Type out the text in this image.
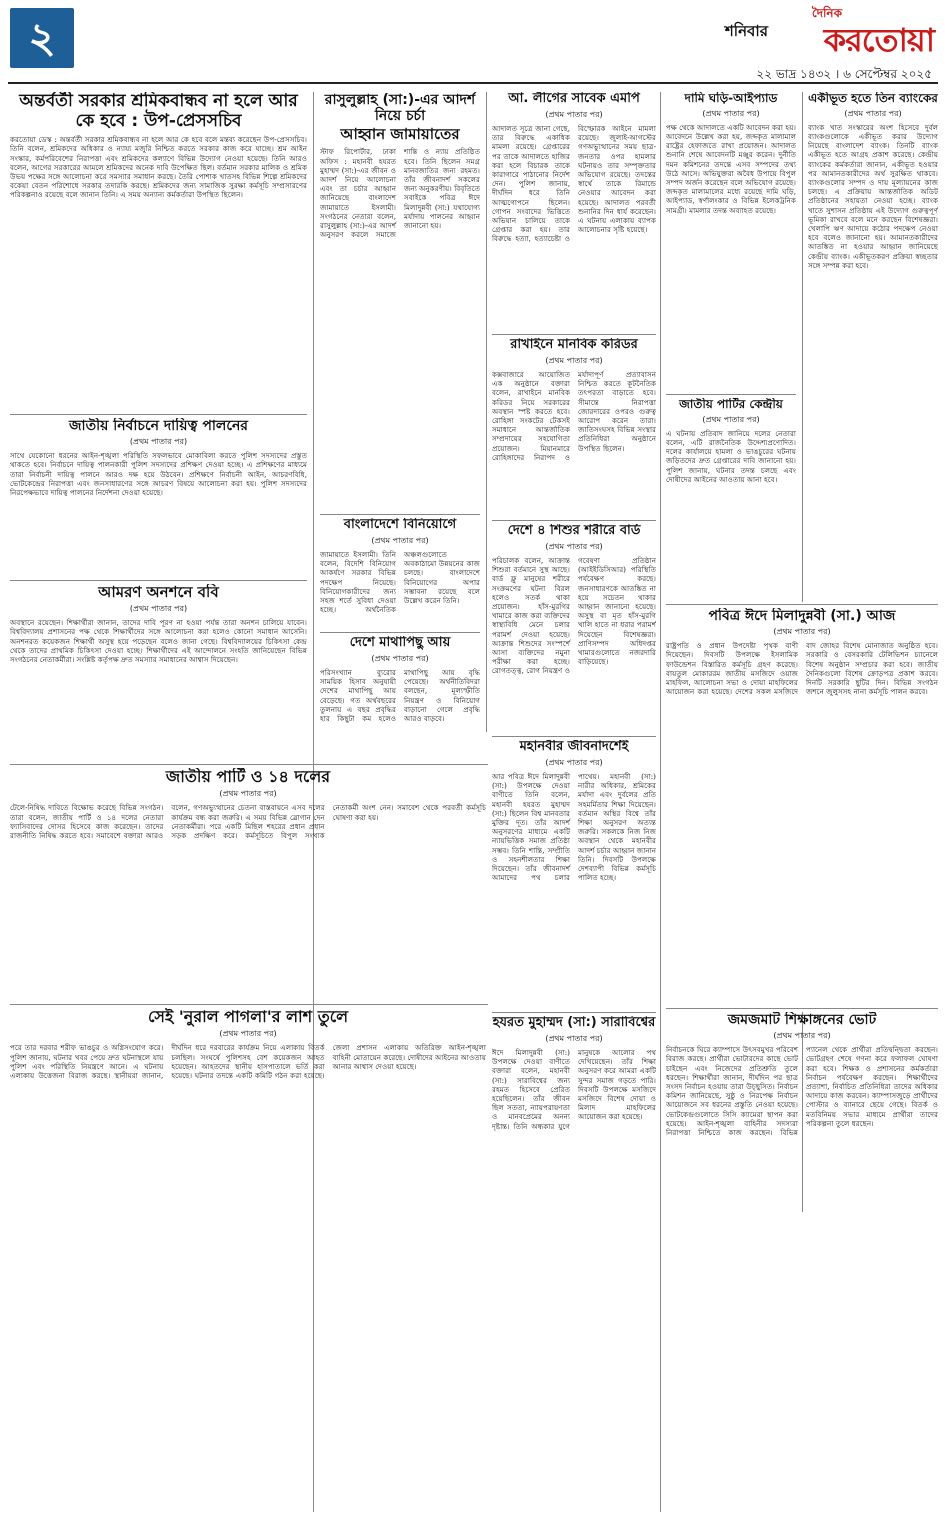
২	শনিবার
দৈনিক
করতোয়া
২২ ভাদ্র ১৪৩২ । ৬ সেপ্টেম্বর ২০২৫
অন্তর্বর্তী সরকার শ্রমিকবান্ধব না হলে আর কে হবে : উপ-প্রেসসচিব
করতোয়া ডেস্ক : অন্তর্বর্তী সরকার শ্রমিকবান্ধব না হলে আর কে হবে বলে মন্তব্য করেছেন উপ-প্রেসসচিব। তিনি বলেন, শ্রমিকদের অধিকার ও ন্যায্য মজুরি নিশ্চিত করতে সরকার কাজ করে যাচ্ছে। শ্রম আইন সংস্কার, কর্মপরিবেশের নিরাপত্তা এবং শ্রমিকদের কল্যাণে বিভিন্ন উদ্যোগ নেওয়া হয়েছে। তিনি আরও বলেন, আগের সরকারের আমলে শ্রমিকদের অনেক দাবি উপেক্ষিত ছিল। বর্তমান সরকার মালিক ও শ্রমিক উভয় পক্ষের সঙ্গে আলোচনা করে সমস্যার সমাধান করছে। তৈরি পোশাক খাতসহ বিভিন্ন শিল্পে শ্রমিকদের বকেয়া বেতন পরিশোধে সরকার তদারকি করছে। শ্রমিকদের জন্য সামাজিক সুরক্ষা কর্মসূচি সম্প্রসারণের পরিকল্পনাও রয়েছে বলে জানান তিনি। এ সময় অন্যান্য কর্মকর্তারা উপস্থিত ছিলেন।
জাতীয় নির্বাচনে দায়িত্ব পালনের
(প্রথম পাতার পর)
সাথে যেকোনো ধরনের আইন-শৃঙ্খলা পরিস্থিতি সফলভাবে মোকাবিলা করতে পুলিশ সদস্যদের প্রস্তুত থাকতে হবে। নির্বাচনে দায়িত্ব পালনকারী পুলিশ সদস্যদের প্রশিক্ষণ দেওয়া হচ্ছে। এ প্রশিক্ষণের মাধ্যমে তারা নির্বাচনী দায়িত্ব পালনে আরও দক্ষ হয়ে উঠবেন। প্রশিক্ষণে নির্বাচনী আইন, আচরণবিধি, ভোটকেন্দ্রের নিরাপত্তা এবং জনসাধারণের সঙ্গে আচরণ বিষয়ে আলোচনা করা হয়। পুলিশ সদস্যদের নিরপেক্ষভাবে দায়িত্ব পালনের নির্দেশনা দেওয়া হয়েছে।
আমরণ অনশনে ববি
(প্রথম পাতার পর)
অবস্থানে রয়েছেন। শিক্ষার্থীরা জানান, তাদের দাবি পূরণ না হওয়া পর্যন্ত তারা অনশন চালিয়ে যাবেন। বিশ্ববিদ্যালয় প্রশাসনের পক্ষ থেকে শিক্ষার্থীদের সঙ্গে আলোচনা করা হলেও কোনো সমাধান আসেনি। অনশনরত কয়েকজন শিক্ষার্থী অসুস্থ হয়ে পড়েছেন বলেও জানা গেছে। বিশ্ববিদ্যালয়ের চিকিৎসা কেন্দ্র থেকে তাদের প্রাথমিক চিকিৎসা দেওয়া হচ্ছে। শিক্ষার্থীদের এই আন্দোলনে সংহতি জানিয়েছেন বিভিন্ন সংগঠনের নেতাকর্মীরা। সংশ্লিষ্ট কর্তৃপক্ষ দ্রুত সমস্যার সমাধানের আশ্বাস দিয়েছেন।
জাতীয় পার্টি ও ১৪ দলের
(প্রথম পাতার পর)
টেলে-নিষিদ্ধ দাবিতে বিক্ষোভ করেছে বিভিন্ন সংগঠন। তারা বলেন, জাতীয় পার্টি ও ১৪ দলের নেতারা ফ্যাসিবাদের দোসর হিসেবে কাজ করেছেন। তাদের রাজনীতি নিষিদ্ধ করতে হবে। সমাবেশে বক্তারা আরও বলেন, গণঅভ্যুত্থানের চেতনা বাস্তবায়নে এসব দলের কার্যক্রম বন্ধ করা জরুরি। এ সময় বিভিন্ন স্লোগান দেন নেতাকর্মীরা। পরে একটি মিছিল শহরের প্রধান প্রধান সড়ক প্রদক্ষিণ করে। কর্মসূচিতে বিপুল সংখ্যক নেতাকর্মী অংশ নেন। সমাবেশ থেকে পরবর্তী কর্মসূচি ঘোষণা করা হয়।
সেই 'নুরাল পাগলা'র লাশ তুলে
(প্রথম পাতার পর)
পরে তার দরবার শরীফ ভাঙচুর ও অগ্নিসংযোগ করে। পুলিশ জানায়, ঘটনার খবর পেয়ে দ্রুত ঘটনাস্থলে যায় পুলিশ এবং পরিস্থিতি নিয়ন্ত্রণে আনে। এ ঘটনায় এলাকায় উত্তেজনা বিরাজ করছে। স্থানীয়রা জানান, দীর্ঘদিন ধরে দরবারের কার্যক্রম নিয়ে এলাকায় বিতর্ক চলছিল। সংঘর্ষে পুলিশসহ বেশ কয়েকজন আহত হয়েছেন। আহতদের স্থানীয় হাসপাতালে ভর্তি করা হয়েছে। ঘটনার তদন্তে একটি কমিটি গঠন করা হয়েছে। জেলা প্রশাসন এলাকায় অতিরিক্ত আইন-শৃঙ্খলা বাহিনী মোতায়েন করেছে। দোষীদের আইনের আওতায় আনার আশ্বাস দেওয়া হয়েছে।
রাসুলুল্লাহ (সা:)-এর আদর্শ নিয়ে চর্চা
আহ্বান জামায়াতের
স্টাফ রিপোর্টার, ঢাকা অফিস : মহানবী হযরত মুহাম্মদ (সা:)-এর জীবন ও আদর্শ নিয়ে আলোচনা এবং তা চর্চার আহ্বান জানিয়েছে বাংলাদেশ জামায়াতে ইসলামী। সংগঠনের নেতারা বলেন, রাসুলুল্লাহ (সা:)-এর আদর্শ অনুসরণ করলে সমাজে শান্তি ও ন্যায় প্রতিষ্ঠিত হবে। তিনি ছিলেন সমগ্র মানবজাতির জন্য রহমত। তাঁর জীবনাদর্শ সকলের জন্য অনুকরণীয়। বিবৃতিতে সবাইকে পবিত্র ঈদে মিলাদুন্নবী (সা:) যথাযোগ্য মর্যাদায় পালনের আহ্বান জানানো হয়।
বাংলাদেশে বিনিয়োগে
(প্রথম পাতার পর)
জামায়াতে ইসলামী। তিনি বলেন, বিদেশি বিনিয়োগ আকর্ষণে সরকার বিভিন্ন পদক্ষেপ নিয়েছে। বিনিয়োগকারীদের জন্য সহজ শর্তে সুবিধা দেওয়া হচ্ছে। অর্থনৈতিক অঞ্চলগুলোতে অবকাঠামো উন্নয়নের কাজ চলছে। বাংলাদেশে বিনিয়োগের অপার সম্ভাবনা রয়েছে বলে উল্লেখ করেন তিনি।
দেশে মাথাপিছু আয়
(প্রথম পাতার পর)
পরিসংখ্যান ব্যুরোর সাময়িক হিসাব অনুযায়ী দেশের মাথাপিছু আয় বেড়েছে। গত অর্থবছরের তুলনায় এ বছর প্রবৃদ্ধির হার কিছুটা কম হলেও মাথাপিছু আয় বৃদ্ধি পেয়েছে। অর্থনীতিবিদরা বলছেন, মূল্যস্ফীতি নিয়ন্ত্রণ ও বিনিয়োগ বাড়ানো গেলে প্রবৃদ্ধি আরও বাড়বে।
আ. লীগের সাবেক এমপি
(প্রথম পাতার পর)
আদালত সূত্রে জানা গেছে, তার বিরুদ্ধে একাধিক মামলা রয়েছে। গ্রেপ্তারের পর তাকে আদালতে হাজির করা হলে বিচারক তাকে কারাগারে পাঠানোর নির্দেশ দেন। পুলিশ জানায়, দীর্ঘদিন ধরে তিনি আত্মগোপনে ছিলেন। গোপন সংবাদের ভিত্তিতে অভিযান চালিয়ে তাকে গ্রেপ্তার করা হয়। তার বিরুদ্ধে হত্যা, হত্যাচেষ্টা ও বিস্ফোরক আইনে মামলা রয়েছে। জুলাই-আগস্টের গণঅভ্যুত্থানের সময় ছাত্র-জনতার ওপর হামলার ঘটনায়ও তার সম্পৃক্ততার অভিযোগ রয়েছে। তদন্তের স্বার্থে তাকে রিমান্ডে নেওয়ার আবেদন করা হয়েছে। আদালত পরবর্তী শুনানির দিন ধার্য করেছেন। এ ঘটনায় এলাকায় ব্যাপক আলোচনার সৃষ্টি হয়েছে।
রাখাইনে মানবিক করিডর
(প্রথম পাতার পর)
কক্সবাজারে আয়োজিত এক অনুষ্ঠানে বক্তারা বলেন, রাখাইনে মানবিক করিডর নিয়ে সরকারের অবস্থান স্পষ্ট করতে হবে। রোহিঙ্গা সংকটের টেকসই সমাধানে আন্তর্জাতিক সম্প্রদায়ের সহযোগিতা প্রয়োজন। মিয়ানমারে রোহিঙ্গাদের নিরাপদ ও মর্যাদাপূর্ণ প্রত্যাবাসন নিশ্চিত করতে কূটনৈতিক তৎপরতা বাড়াতে হবে। সীমান্তে নিরাপত্তা জোরদারের ওপরও গুরুত্ব আরোপ করেন তারা। জাতিসংঘসহ বিভিন্ন সংস্থার প্রতিনিধিরা অনুষ্ঠানে উপস্থিত ছিলেন।
দেশে ৪ শিশুর শরীরে বার্ড
(প্রথম পাতার পর)
পরিচালক বলেন, আক্রান্ত শিশুরা বর্তমানে সুস্থ আছে। বার্ড ফ্লু মানুষের শরীরে সংক্রমণের ঘটনা বিরল হলেও সতর্ক থাকা প্রয়োজন। হাঁস-মুরগির খামারে কাজ করা ব্যক্তিদের স্বাস্থ্যবিধি মেনে চলার পরামর্শ দেওয়া হয়েছে। আক্রান্ত শিশুদের সংস্পর্শে আসা ব্যক্তিদের নমুনা পরীক্ষা করা হচ্ছে। রোগতত্ত্ব, রোগ নিয়ন্ত্রণ ও গবেষণা প্রতিষ্ঠান (আইইডিসিআর) পরিস্থিতি পর্যবেক্ষণ করছে। জনসাধারণকে আতঙ্কিত না হয়ে সচেতন থাকার আহ্বান জানানো হয়েছে। অসুস্থ বা মৃত হাঁস-মুরগি খালি হাতে না ধরার পরামর্শ দিয়েছেন বিশেষজ্ঞরা। প্রাণিসম্পদ অধিদপ্তর খামারগুলোতে নজরদারি বাড়িয়েছে।
মহানবীর জীবনাদর্শেই
(প্রথম পাতার পর)
আর পবিত্র ঈদে মিলাদুন্নবী (সা:) উপলক্ষে দেওয়া বাণীতে তিনি বলেন, মহানবী হযরত মুহাম্মদ (সা:) ছিলেন বিশ্ব মানবতার মুক্তির দূত। তাঁর আদর্শ অনুসরণের মাধ্যমে একটি ন্যায়ভিত্তিক সমাজ প্রতিষ্ঠা সম্ভব। তিনি শান্তি, সম্প্রীতি ও সহনশীলতার শিক্ষা দিয়েছেন। তাঁর জীবনাদর্শ আমাদের পথ চলার পাথেয়। মহানবী (সা:) নারীর অধিকার, শ্রমিকের মর্যাদা এবং দুর্বলের প্রতি সহমর্মিতার শিক্ষা দিয়েছেন। বর্তমান অস্থির বিশ্বে তাঁর শিক্ষা অনুসরণ অত্যন্ত জরুরি। সকলকে নিজ নিজ অবস্থান থেকে মহানবীর আদর্শ চর্চার আহ্বান জানান তিনি। দিবসটি উপলক্ষে দেশব্যাপী বিভিন্ন কর্মসূচি পালিত হচ্ছে।
হযরত মুহাম্মদ (সা:) সারাবিশ্বের
(প্রথম পাতার পর)
ঈদে মিলাদুন্নবী (সা:) উপলক্ষে দেওয়া বাণীতে বক্তারা বলেন, মহানবী (সা:) সারাবিশ্বের জন্য রহমত হিসেবে প্রেরিত হয়েছিলেন। তাঁর জীবন ছিল সততা, ন্যায়পরায়ণতা ও মানবপ্রেমের অনন্য দৃষ্টান্ত। তিনি অন্ধকার যুগে মানুষকে আলোর পথ দেখিয়েছেন। তাঁর শিক্ষা অনুসরণ করে আমরা একটি সুন্দর সমাজ গড়তে পারি। দিবসটি উপলক্ষে মসজিদে মসজিদে বিশেষ দোয়া ও মিলাদ মাহফিলের আয়োজন করা হয়েছে।
দামি ঘড়ি-আইপ্যাড
(প্রথম পাতার পর)
পক্ষ থেকে আদালতে একটি আবেদন করা হয়। আবেদনে উল্লেখ করা হয়, জব্দকৃত মালামাল রাষ্ট্রের হেফাজতে রাখা প্রয়োজন। আদালত শুনানি শেষে আবেদনটি মঞ্জুর করেন। দুর্নীতি দমন কমিশনের তদন্তে এসব সম্পদের তথ্য উঠে আসে। অভিযুক্তরা অবৈধ উপায়ে বিপুল সম্পদ অর্জন করেছেন বলে অভিযোগ রয়েছে। জব্দকৃত মালামালের মধ্যে রয়েছে দামি ঘড়ি, আইপ্যাড, স্বর্ণালংকার ও বিভিন্ন ইলেকট্রনিক সামগ্রী। মামলার তদন্ত অব্যাহত রয়েছে।
জাতীয় পার্টির কেন্দ্রীয়
(প্রথম পাতার পর)
এ ঘটনায় প্রতিবাদ জানিয়ে দলের নেতারা বলেন, এটি রাজনৈতিক উদ্দেশ্যপ্রণোদিত। দলের কার্যালয়ে হামলা ও ভাঙচুরের ঘটনায় জড়িতদের দ্রুত গ্রেপ্তারের দাবি জানানো হয়। পুলিশ জানায়, ঘটনার তদন্ত চলছে এবং দোষীদের আইনের আওতায় আনা হবে।
একীভূত হতে তিন ব্যাংকের
(প্রথম পাতার পর)
ব্যাংক খাত সংস্কারের অংশ হিসেবে দুর্বল ব্যাংকগুলোকে একীভূত করার উদ্যোগ নিয়েছে বাংলাদেশ ব্যাংক। তিনটি ব্যাংক একীভূত হতে আগ্রহ প্রকাশ করেছে। কেন্দ্রীয় ব্যাংকের কর্মকর্তারা জানান, একীভূত হওয়ার পর আমানতকারীদের অর্থ সুরক্ষিত থাকবে। ব্যাংকগুলোর সম্পদ ও দায় মূল্যায়নের কাজ চলছে। এ প্রক্রিয়ায় আন্তর্জাতিক অডিট প্রতিষ্ঠানের সহায়তা নেওয়া হচ্ছে। ব্যাংক খাতে সুশাসন প্রতিষ্ঠায় এই উদ্যোগ গুরুত্বপূর্ণ ভূমিকা রাখবে বলে মনে করছেন বিশেষজ্ঞরা। খেলাপি ঋণ আদায়ে কঠোর পদক্ষেপ নেওয়া হবে বলেও জানানো হয়। আমানতকারীদের আতঙ্কিত না হওয়ার আহ্বান জানিয়েছে কেন্দ্রীয় ব্যাংক। একীভূতকরণ প্রক্রিয়া স্বচ্ছতার সঙ্গে সম্পন্ন করা হবে।
পবিত্র ঈদে মিলাদুন্নবী (সা.) আজ
(প্রথম পাতার পর)
রাষ্ট্রপতি ও প্রধান উপদেষ্টা পৃথক বাণী দিয়েছেন। দিবসটি উপলক্ষে ইসলামিক ফাউন্ডেশন বিস্তারিত কর্মসূচি গ্রহণ করেছে। বায়তুল মোকাররম জাতীয় মসজিদে ওয়াজ মাহফিল, আলোচনা সভা ও দোয়া মাহফিলের আয়োজন করা হয়েছে। দেশের সকল মসজিদে বাদ জোহর বিশেষ মোনাজাত অনুষ্ঠিত হবে। সরকারি ও বেসরকারি টেলিভিশন চ্যানেলে বিশেষ অনুষ্ঠান সম্প্রচার করা হবে। জাতীয় দৈনিকগুলো বিশেষ ক্রোড়পত্র প্রকাশ করবে। দিনটি সরকারি ছুটির দিন। বিভিন্ন সংগঠন জশনে জুলুসসহ নানা কর্মসূচি পালন করবে।
জমজমাট শিক্ষাঙ্গনের ভোট
(প্রথম পাতার পর)
নির্বাচনকে ঘিরে ক্যাম্পাসে উৎসবমুখর পরিবেশ বিরাজ করছে। প্রার্থীরা ভোটারদের কাছে ভোট চাইছেন এবং নিজেদের প্রতিশ্রুতি তুলে ধরছেন। শিক্ষার্থীরা জানান, দীর্ঘদিন পর ছাত্র সংসদ নির্বাচন হওয়ায় তারা উচ্ছ্বসিত। নির্বাচন কমিশন জানিয়েছে, সুষ্ঠু ও নিরপেক্ষ নির্বাচন আয়োজনে সব ধরনের প্রস্তুতি নেওয়া হয়েছে। ভোটকেন্দ্রগুলোতে সিসি ক্যামেরা স্থাপন করা হয়েছে। আইন-শৃঙ্খলা বাহিনীর সদস্যরা নিরাপত্তা নিশ্চিতে কাজ করছেন। বিভিন্ন প্যানেল থেকে প্রার্থীরা প্রতিদ্বন্দ্বিতা করছেন। ভোটগ্রহণ শেষে গণনা করে ফলাফল ঘোষণা করা হবে। শিক্ষক ও প্রশাসনের কর্মকর্তারা নির্বাচন পর্যবেক্ষণ করছেন। শিক্ষার্থীদের প্রত্যাশা, নির্বাচিত প্রতিনিধিরা তাদের অধিকার আদায়ে কাজ করবেন। ক্যাম্পাসজুড়ে প্রার্থীদের পোস্টার ও ব্যানারে ছেয়ে গেছে। বিতর্ক ও মতবিনিময় সভার মাধ্যমে প্রার্থীরা তাদের পরিকল্পনা তুলে ধরছেন।
